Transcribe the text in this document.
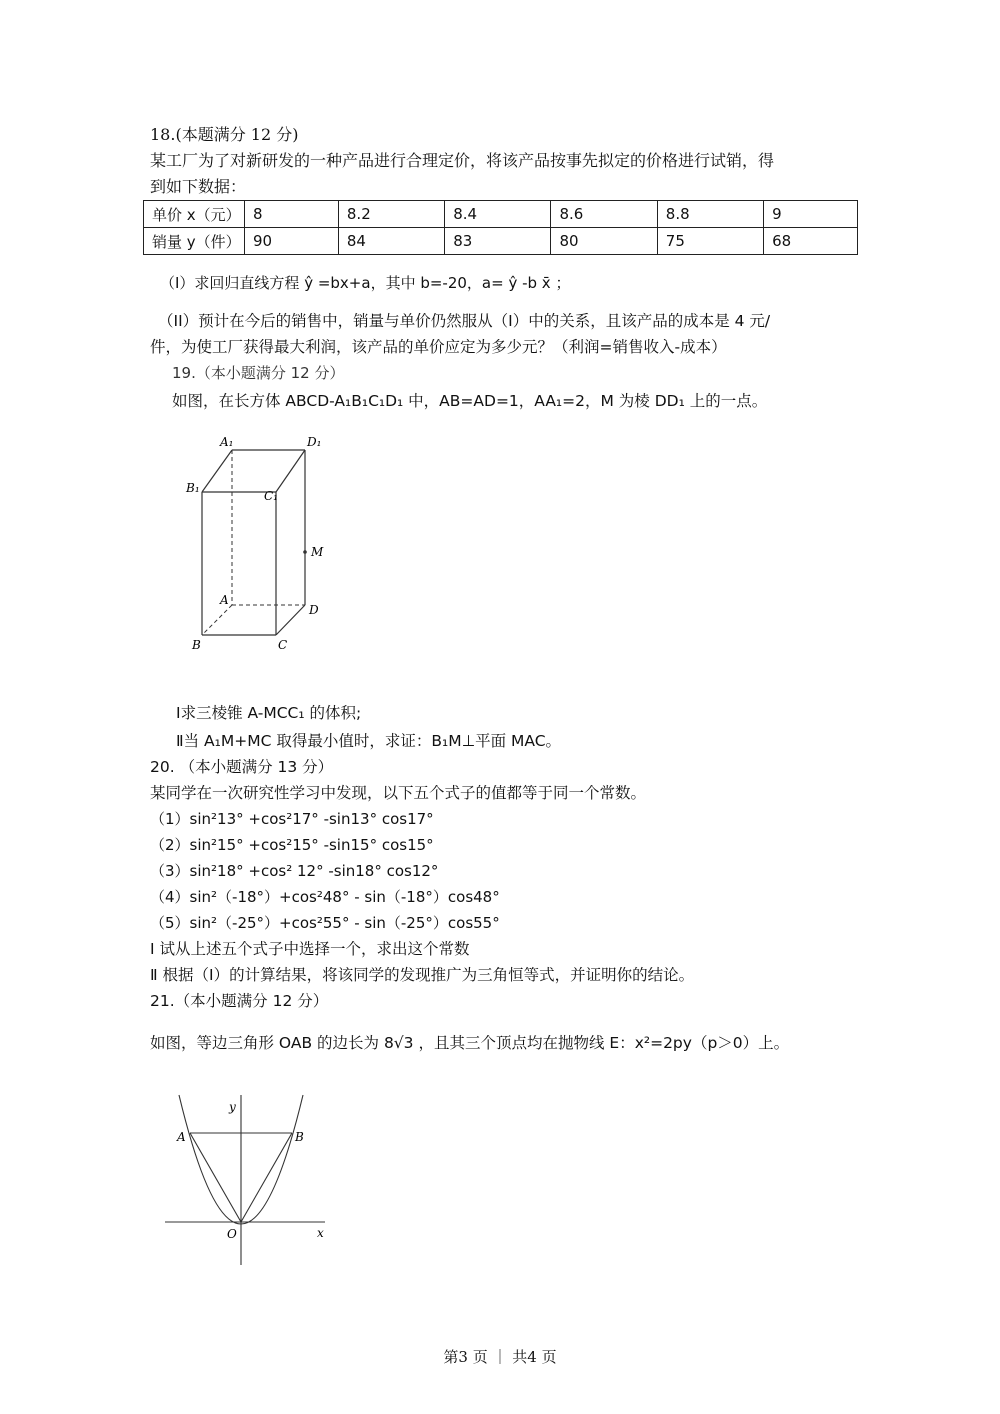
18.(本题满分 12 分)
某工厂为了对新研发的一种产品进行合理定价，将该产品按事先拟定的价格进行试销，得
到如下数据：
单价 x（元）	8	8.2	8.4	8.6	8.8	9
销量 y（件）	90	84	83	80	75	68
（I）求回归直线方程 ŷ =bx+a，其中 b=-20，a= ŷ -b x̄ ；
（II）预计在今后的销售中，销量与单价仍然服从（I）中的关系，且该产品的成本是 4 元/
件，为使工厂获得最大利润，该产品的单价应定为多少元？（利润=销售收入-成本）
19.（本小题满分 12 分）
如图，在长方体 ABCD-A₁B₁C₁D₁ 中，AB=AD=1，AA₁=2，M 为棱 DD₁ 上的一点。
A₁	D₁
B₁
C₁
M
A
D
B	C
Ⅰ求三棱锥 A-MCC₁ 的体积;
Ⅱ当 A₁M+MC 取得最小值时，求证：B₁M⊥平面 MAC。
20. （本小题满分 13 分）
某同学在一次研究性学习中发现，以下五个式子的值都等于同一个常数。
（1）sin²13° +cos²17° -sin13° cos17°
（2）sin²15° +cos²15° -sin15° cos15°
（3）sin²18° +cos² 12° -sin18° cos12°
（4）sin²（-18°）+cos²48° - sin（-18°）cos48°
（5）sin²（-25°）+cos²55° - sin（-25°）cos55°
Ⅰ 试从上述五个式子中选择一个，求出这个常数
Ⅱ 根据（Ⅰ）的计算结果，将该同学的发现推广为三角恒等式，并证明你的结论。
21.（本小题满分 12 分）
如图，等边三角形 OAB 的边长为 8√3 ，且其三个顶点均在抛物线 E：x²=2py（p＞0）上。
y
x
A	B
O
第3 页 ｜ 共4 页
